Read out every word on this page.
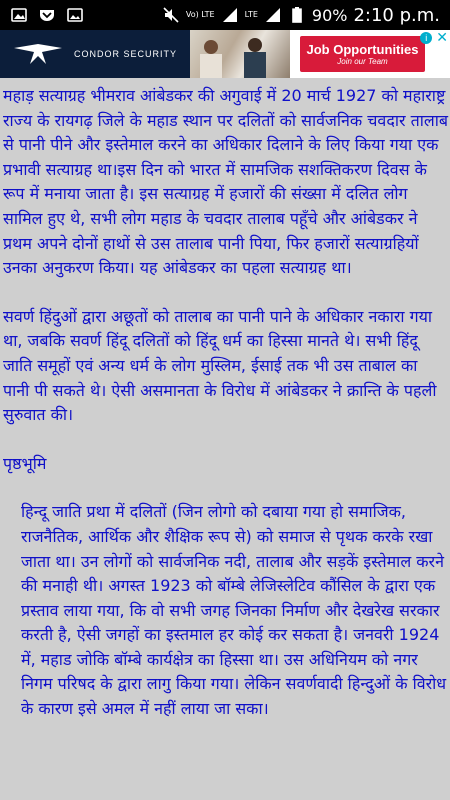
Vo) LTE	LTE	90% 2:10 p.m.
CONDOR SECURITY	Job Opportunities
Join our Team
i ✕

महाड़ सत्याग्रह भीमराव आंबेडकर की अगुवाई में 20 मार्च 1927 को महाराष्ट्र राज्य के रायगढ़ जिले के महाड स्थान पर दलितों को सार्वजनिक चवदार तालाब से पानी पीने और इस्तेमाल करने का अधिकार दिलाने के लिए किया गया एक प्रभावी सत्याग्रह था।इस दिन को भारत में सामजिक सशक्तिकरण दिवस के रूप में मनाया जाता है। इस सत्याग्रह में हजारों की संख्सा में दलित लोग सामिल हुए थे, सभी लोग महाड के चवदार तालाब पहूँचे और आंबेडकर ने प्रथम अपने दोनों हाथों से उस तालाब पानी पिया, फिर हजारों सत्याग्रहियों उनका अनुकरण किया। यह आंबेडकर का पहला सत्याग्रह था।

सवर्ण हिंदुओं द्वारा अछूतों को तालाब का पानी पाने के अधिकार नकारा गया था, जबकि सवर्ण हिंदू दलितों को हिंदू धर्म का हिस्सा मानते थे। सभी हिंदू जाति समूहों एवं अन्य धर्म के लोग मुस्लिम, ईसाई तक भी उस ताबाल का पानी पी सकते थे। ऐसी असमानता के विरोध में आंबेडकर ने क्रान्ति के पहली सुरुवात की।

पृष्ठभूमि

हिन्दू जाति प्रथा में दलितों (जिन लोगो को दबाया गया हो समाजिक, राजनैतिक, आर्थिक और शैक्षिक रूप से) को समाज से पृथक करके रखा जाता था। उन लोगों को सार्वजनिक नदी, तालाब और सड़कें इस्तेमाल करने की मनाही थी। अगस्त 1923 को बॉम्बे लेजिस्लेटिव कौंसिल के द्वारा एक प्रस्ताव लाया गया, कि वो सभी जगह जिनका निर्माण और देखरेख सरकार करती है, ऐसी जगहों का इस्तमाल हर कोई कर सकता है। जनवरी 1924 में, महाड जोकि बॉम्बे कार्यक्षेत्र का हिस्सा था। उस अधिनियम को नगर निगम परिषद के द्वारा लागु किया गया। लेकिन सवर्णवादी हिन्दुओं के विरोध के कारण इसे अमल में नहीं लाया जा सका।
